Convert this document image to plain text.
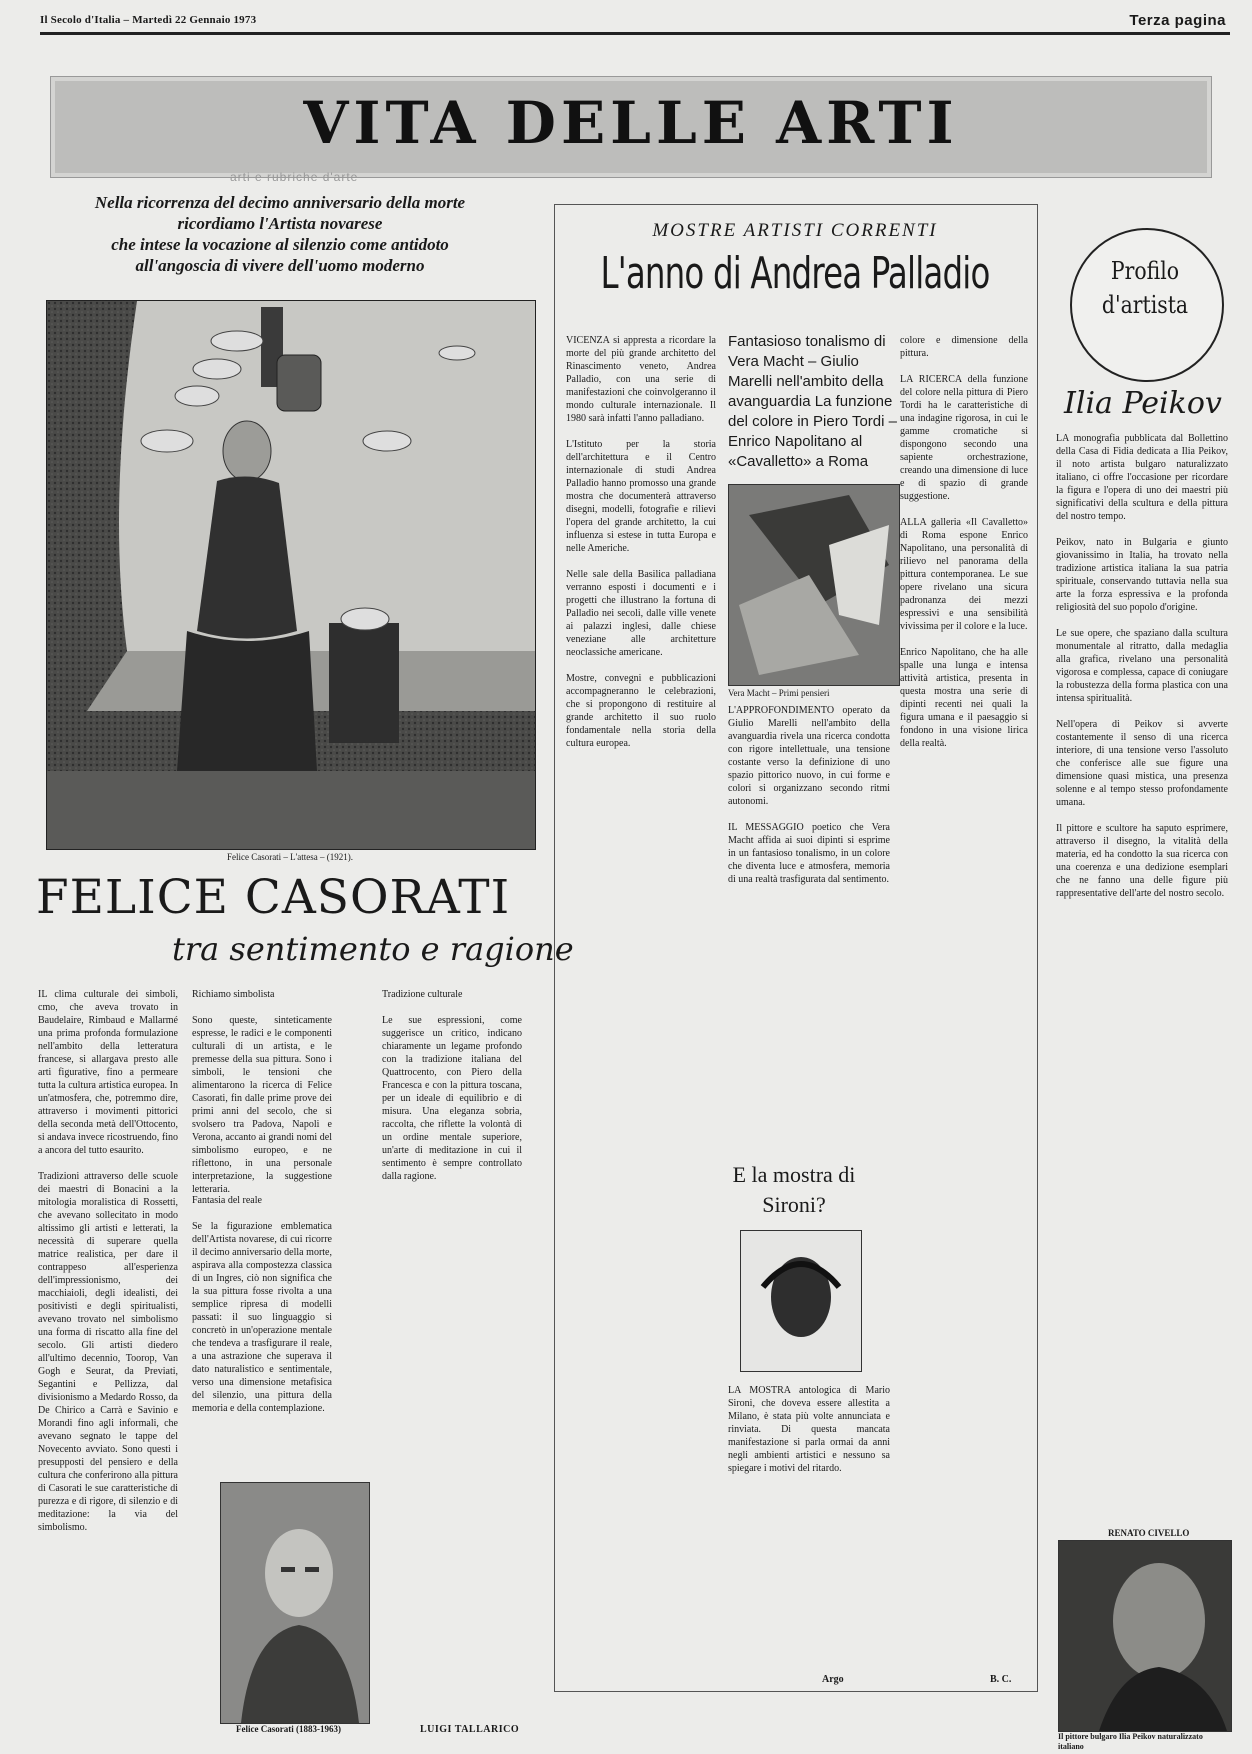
Il Secolo d'Italia – Martedì 22 Gennaio 1973	Terza pagina
VITA DELLE ARTI
arti e rubriche d'arte
Nella ricorrenza del decimo anniversario della morte
ricordiamo l'Artista novarese
che intese la vocazione al silenzio come antidoto
all'angoscia di vivere dell'uomo moderno
Felice Casorati – L'attesa – (1921).
FELICE CASORATI
tra sentimento e ragione
IL clima culturale dei simboli, cmo, che aveva trovato in Baudelaire, Rimbaud e Mallarmé una prima profonda formulazione nell'ambito della letteratura francese, si allargava presto alle arti figurative, fino a permeare tutta la cultura artistica europea. In un'atmosfera, che, potremmo dire, attraverso i movimenti pittorici della seconda metà dell'Ottocento, si andava invece ricostruendo, fino a ancora del tutto esaurito.

Tradizioni attraverso delle scuole dei maestri di Bonacini a la mitologia moralistica di Rossetti, che avevano sollecitato in modo altissimo gli artisti e letterati, la necessità di superare quella matrice realistica, per dare il contrappeso all'esperienza dell'impressionismo, dei macchiaioli, degli idealisti, dei positivisti e degli spiritualisti, avevano trovato nel simbolismo una forma di riscatto alla fine del secolo. Gli artisti diedero all'ultimo decennio, Toorop, Van Gogh e Seurat, da Previati, Segantini e Pellizza, dal divisionismo a Medardo Rosso, da De Chirico a Carrà e Savinio e Morandi fino agli informali, che avevano segnato le tappe del Novecento avviato. Sono questi i presupposti del pensiero e della cultura che conferirono alla pittura di Casorati le sue caratteristiche di purezza e di rigore, di silenzio e di meditazione: la via del simbolismo.
Richiamo simbolista

Sono queste, sinteticamente espresse, le radici e le componenti culturali di un artista, e le premesse della sua pittura. Sono i simboli, le tensioni che alimentarono la ricerca di Felice Casorati, fin dalle prime prove dei primi anni del secolo, che si svolsero tra Padova, Napoli e Verona, accanto ai grandi nomi del simbolismo europeo, e ne riflettono, in una personale interpretazione, la suggestione letteraria.
Fantasia del reale

Se la figurazione emblematica dell'Artista novarese, di cui ricorre il decimo anniversario della morte, aspirava alla compostezza classica di un Ingres, ciò non significa che la sua pittura fosse rivolta a una semplice ripresa di modelli passati: il suo linguaggio si concretò in un'operazione mentale che tendeva a trasfigurare il reale, a una astrazione che superava il dato naturalistico e sentimentale, verso una dimensione metafisica del silenzio, una pittura della memoria e della contemplazione.
Felice Casorati (1883-1963)
Tradizione culturale

Le sue espressioni, come suggerisce un critico, indicano chiaramente un legame profondo con la tradizione italiana del Quattrocento, con Piero della Francesca e con la pittura toscana, per un ideale di equilibrio e di misura. Una eleganza sobria, raccolta, che riflette la volontà di un ordine mentale superiore, un'arte di meditazione in cui il sentimento è sempre controllato dalla ragione.
LUIGI TALLARICO
MOSTRE ARTISTI CORRENTI
L'anno di Andrea Palladio
VICENZA si appresta a ricordare la morte del più grande architetto del Rinascimento veneto, Andrea Palladio, con una serie di manifestazioni che coinvolgeranno il mondo culturale internazionale. Il 1980 sarà infatti l'anno palladiano.

L'Istituto per la storia dell'architettura e il Centro internazionale di studi Andrea Palladio hanno promosso una grande mostra che documenterà attraverso disegni, modelli, fotografie e rilievi l'opera del grande architetto, la cui influenza si estese in tutta Europa e nelle Americhe.

Nelle sale della Basilica palladiana verranno esposti i documenti e i progetti che illustrano la fortuna di Palladio nei secoli, dalle ville venete ai palazzi inglesi, dalle chiese veneziane alle architetture neoclassiche americane.

Mostre, convegni e pubblicazioni accompagneranno le celebrazioni, che si propongono di restituire al grande architetto il suo ruolo fondamentale nella storia della cultura europea.
Fantasioso tonalismo di Vera Macht – Giulio Marelli nell'ambito della avanguardia La funzione del colore in Piero Tordi – Enrico Napolitano al «Cavalletto» a Roma
Vera Macht – Primi pensieri
L'APPROFONDIMENTO operato da Giulio Marelli nell'ambito della avanguardia rivela una ricerca condotta con rigore intellettuale, una tensione costante verso la definizione di uno spazio pittorico nuovo, in cui forme e colori si organizzano secondo ritmi autonomi.

IL MESSAGGIO poetico che Vera Macht affida ai suoi dipinti si esprime in un fantasioso tonalismo, in un colore che diventa luce e atmosfera, memoria di una realtà trasfigurata dal sentimento.
E la mostra di Sironi?
LA MOSTRA antologica di Mario Sironi, che doveva essere allestita a Milano, è stata più volte annunciata e rinviata. Di questa mancata manifestazione si parla ormai da anni negli ambienti artistici e nessuno sa spiegare i motivi del ritardo.
Argo
colore e dimensione della pittura.

LA RICERCA della funzione del colore nella pittura di Piero Tordi ha le caratteristiche di una indagine rigorosa, in cui le gamme cromatiche si dispongono secondo una sapiente orchestrazione, creando una dimensione di luce e di spazio di grande suggestione.

ALLA galleria «Il Cavalletto» di Roma espone Enrico Napolitano, una personalità di rilievo nel panorama della pittura contemporanea. Le sue opere rivelano una sicura padronanza dei mezzi espressivi e una sensibilità vivissima per il colore e la luce.

Enrico Napolitano, che ha alle spalle una lunga e intensa attività artistica, presenta in questa mostra una serie di dipinti recenti nei quali la figura umana e il paesaggio si fondono in una visione lirica della realtà.
B. C.
Profilo
d'artista
Ilia Peikov
LA monografia pubblicata dal Bollettino della Casa di Fidia dedicata a Ilia Peikov, il noto artista bulgaro naturalizzato italiano, ci offre l'occasione per ricordare la figura e l'opera di uno dei maestri più significativi della scultura e della pittura del nostro tempo.

Peikov, nato in Bulgaria e giunto giovanissimo in Italia, ha trovato nella tradizione artistica italiana la sua patria spirituale, conservando tuttavia nella sua arte la forza espressiva e la profonda religiosità del suo popolo d'origine.

Le sue opere, che spaziano dalla scultura monumentale al ritratto, dalla medaglia alla grafica, rivelano una personalità vigorosa e complessa, capace di coniugare la robustezza della forma plastica con una intensa spiritualità.

Nell'opera di Peikov si avverte costantemente il senso di una ricerca interiore, di una tensione verso l'assoluto che conferisce alle sue figure una dimensione quasi mistica, una presenza solenne e al tempo stesso profondamente umana.

Il pittore e scultore ha saputo esprimere, attraverso il disegno, la vitalità della materia, ed ha condotto la sua ricerca con una coerenza e una dedizione esemplari che ne fanno una delle figure più rappresentative dell'arte del nostro secolo.
RENATO CIVELLO
Il pittore bulgaro Ilia Peikov naturalizzato italiano
